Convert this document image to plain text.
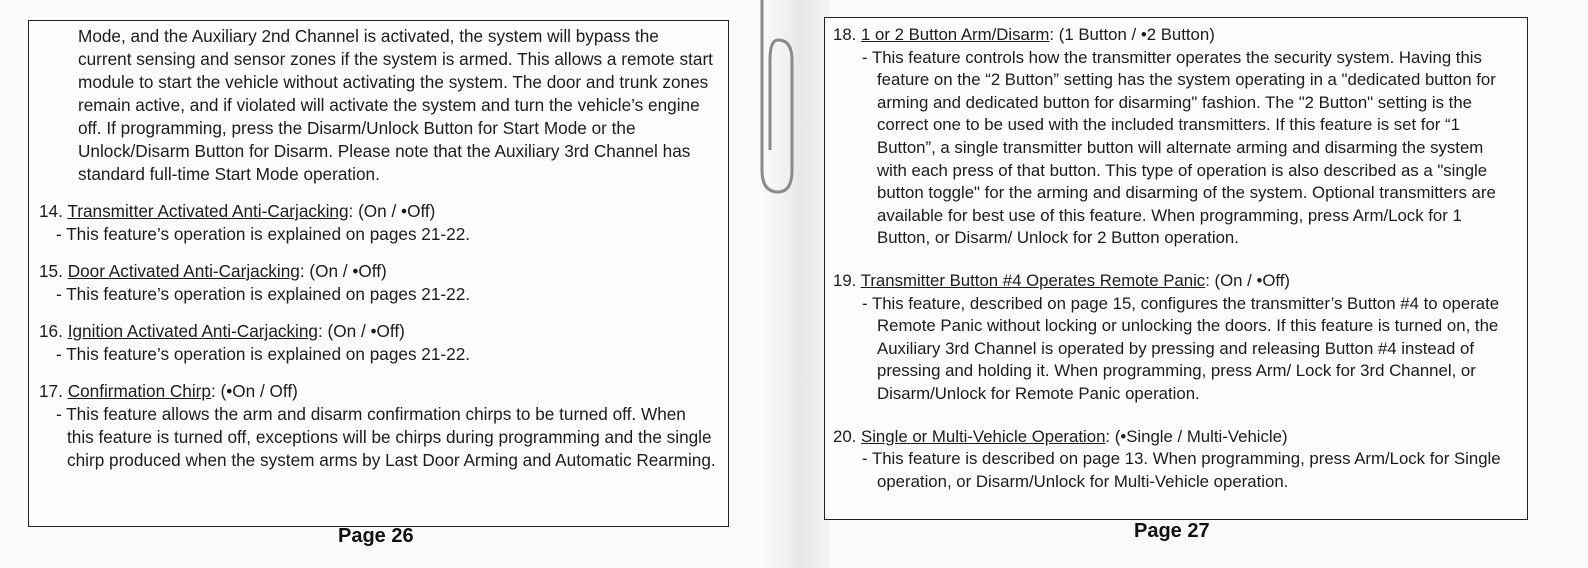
Mode, and the Auxiliary 2nd Channel is activated, the system will bypass the current sensing and sensor zones if the system is armed. This allows a remote start module to start the vehicle without activating the system. The door and trunk zones remain active, and if violated will activate the system and turn the vehicle’s engine off. If programming, press the Disarm/Unlock Button for Start Mode or the Unlock/Disarm Button for Disarm. Please note that the Auxiliary 3rd Channel has standard full-time Start Mode operation.
14. Transmitter Activated Anti-Carjacking: (On / •Off)
- This feature’s operation is explained on pages 21-22.
15. Door Activated Anti-Carjacking: (On / •Off)
- This feature’s operation is explained on pages 21-22.
16. Ignition Activated Anti-Carjacking: (On / •Off)
- This feature’s operation is explained on pages 21-22.
17. Confirmation Chirp: (•On / Off)
- This feature allows the arm and disarm confirmation chirps to be turned off. When this feature is turned off, exceptions will be chirps during programming and the single chirp produced when the system arms by Last Door Arming and Automatic Rearming.
Page 26
18. 1 or 2 Button Arm/Disarm: (1 Button / •2 Button)
- This feature controls how the transmitter operates the security system. Having this feature on the “2 Button” setting has the system operating in a "dedicated button for arming and dedicated button for disarming" fashion. The "2 Button" setting is the correct one to be used with the included transmitters. If this feature is set for “1 Button”, a single transmitter button will alternate arming and disarming the system with each press of that button. This type of operation is also described as a "single button toggle" for the arming and disarming of the system. Optional transmitters are available for best use of this feature. When programming, press Arm/Lock for 1 Button, or Disarm/ Unlock for 2 Button operation.
19. Transmitter Button #4 Operates Remote Panic: (On / •Off)
- This feature, described on page 15, configures the transmitter’s Button #4 to operate Remote Panic without locking or unlocking the doors. If this feature is turned on, the Auxiliary 3rd Channel is operated by pressing and releasing Button #4 instead of pressing and holding it. When programming, press Arm/ Lock for 3rd Channel, or Disarm/Unlock for Remote Panic operation.
20. Single or Multi-Vehicle Operation: (•Single / Multi-Vehicle)
- This feature is described on page 13. When programming, press Arm/Lock for Single operation, or Disarm/Unlock for Multi-Vehicle operation.
Page 27
